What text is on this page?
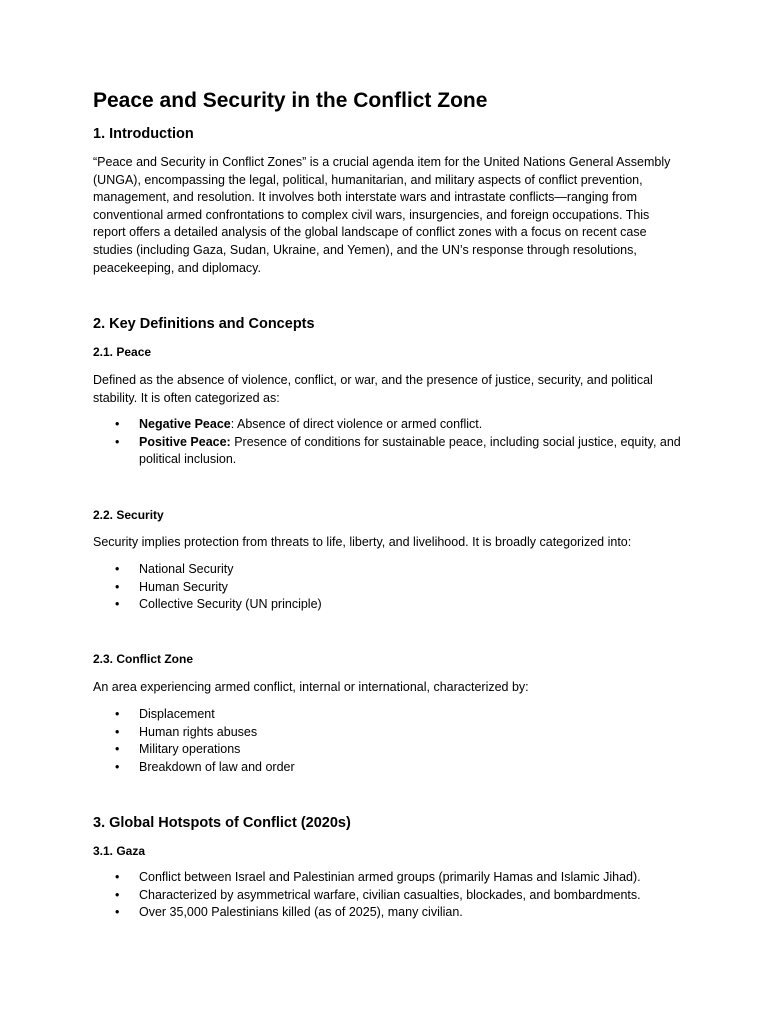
Peace and Security in the Conflict Zone
1. Introduction

“Peace and Security in Conflict Zones” is a crucial agenda item for the United Nations General Assembly (UNGA), encompassing the legal, political, humanitarian, and military aspects of conflict prevention, management, and resolution. It involves both interstate wars and intrastate conflicts—ranging from conventional armed confrontations to complex civil wars, insurgencies, and foreign occupations. This report offers a detailed analysis of the global landscape of conflict zones with a focus on recent case studies (including Gaza, Sudan, Ukraine, and Yemen), and the UN’s response through resolutions, peacekeeping, and diplomacy.

2. Key Definitions and Concepts
2.1. Peace

Defined as the absence of violence, conflict, or war, and the presence of justice, security, and political stability. It is often categorized as:

• Negative Peace: Absence of direct violence or armed conflict.
• Positive Peace: Presence of conditions for sustainable peace, including social justice, equity, and political inclusion.
2.2. Security

Security implies protection from threats to life, liberty, and livelihood. It is broadly categorized into:

• National Security
• Human Security
• Collective Security (UN principle)
2.3. Conflict Zone

An area experiencing armed conflict, internal or international, characterized by:

• Displacement
• Human rights abuses
• Military operations
• Breakdown of law and order
3. Global Hotspots of Conflict (2020s)
3.1. Gaza
• Conflict between Israel and Palestinian armed groups (primarily Hamas and Islamic Jihad).
• Characterized by asymmetrical warfare, civilian casualties, blockades, and bombardments.
• Over 35,000 Palestinians killed (as of 2025), many civilian.
